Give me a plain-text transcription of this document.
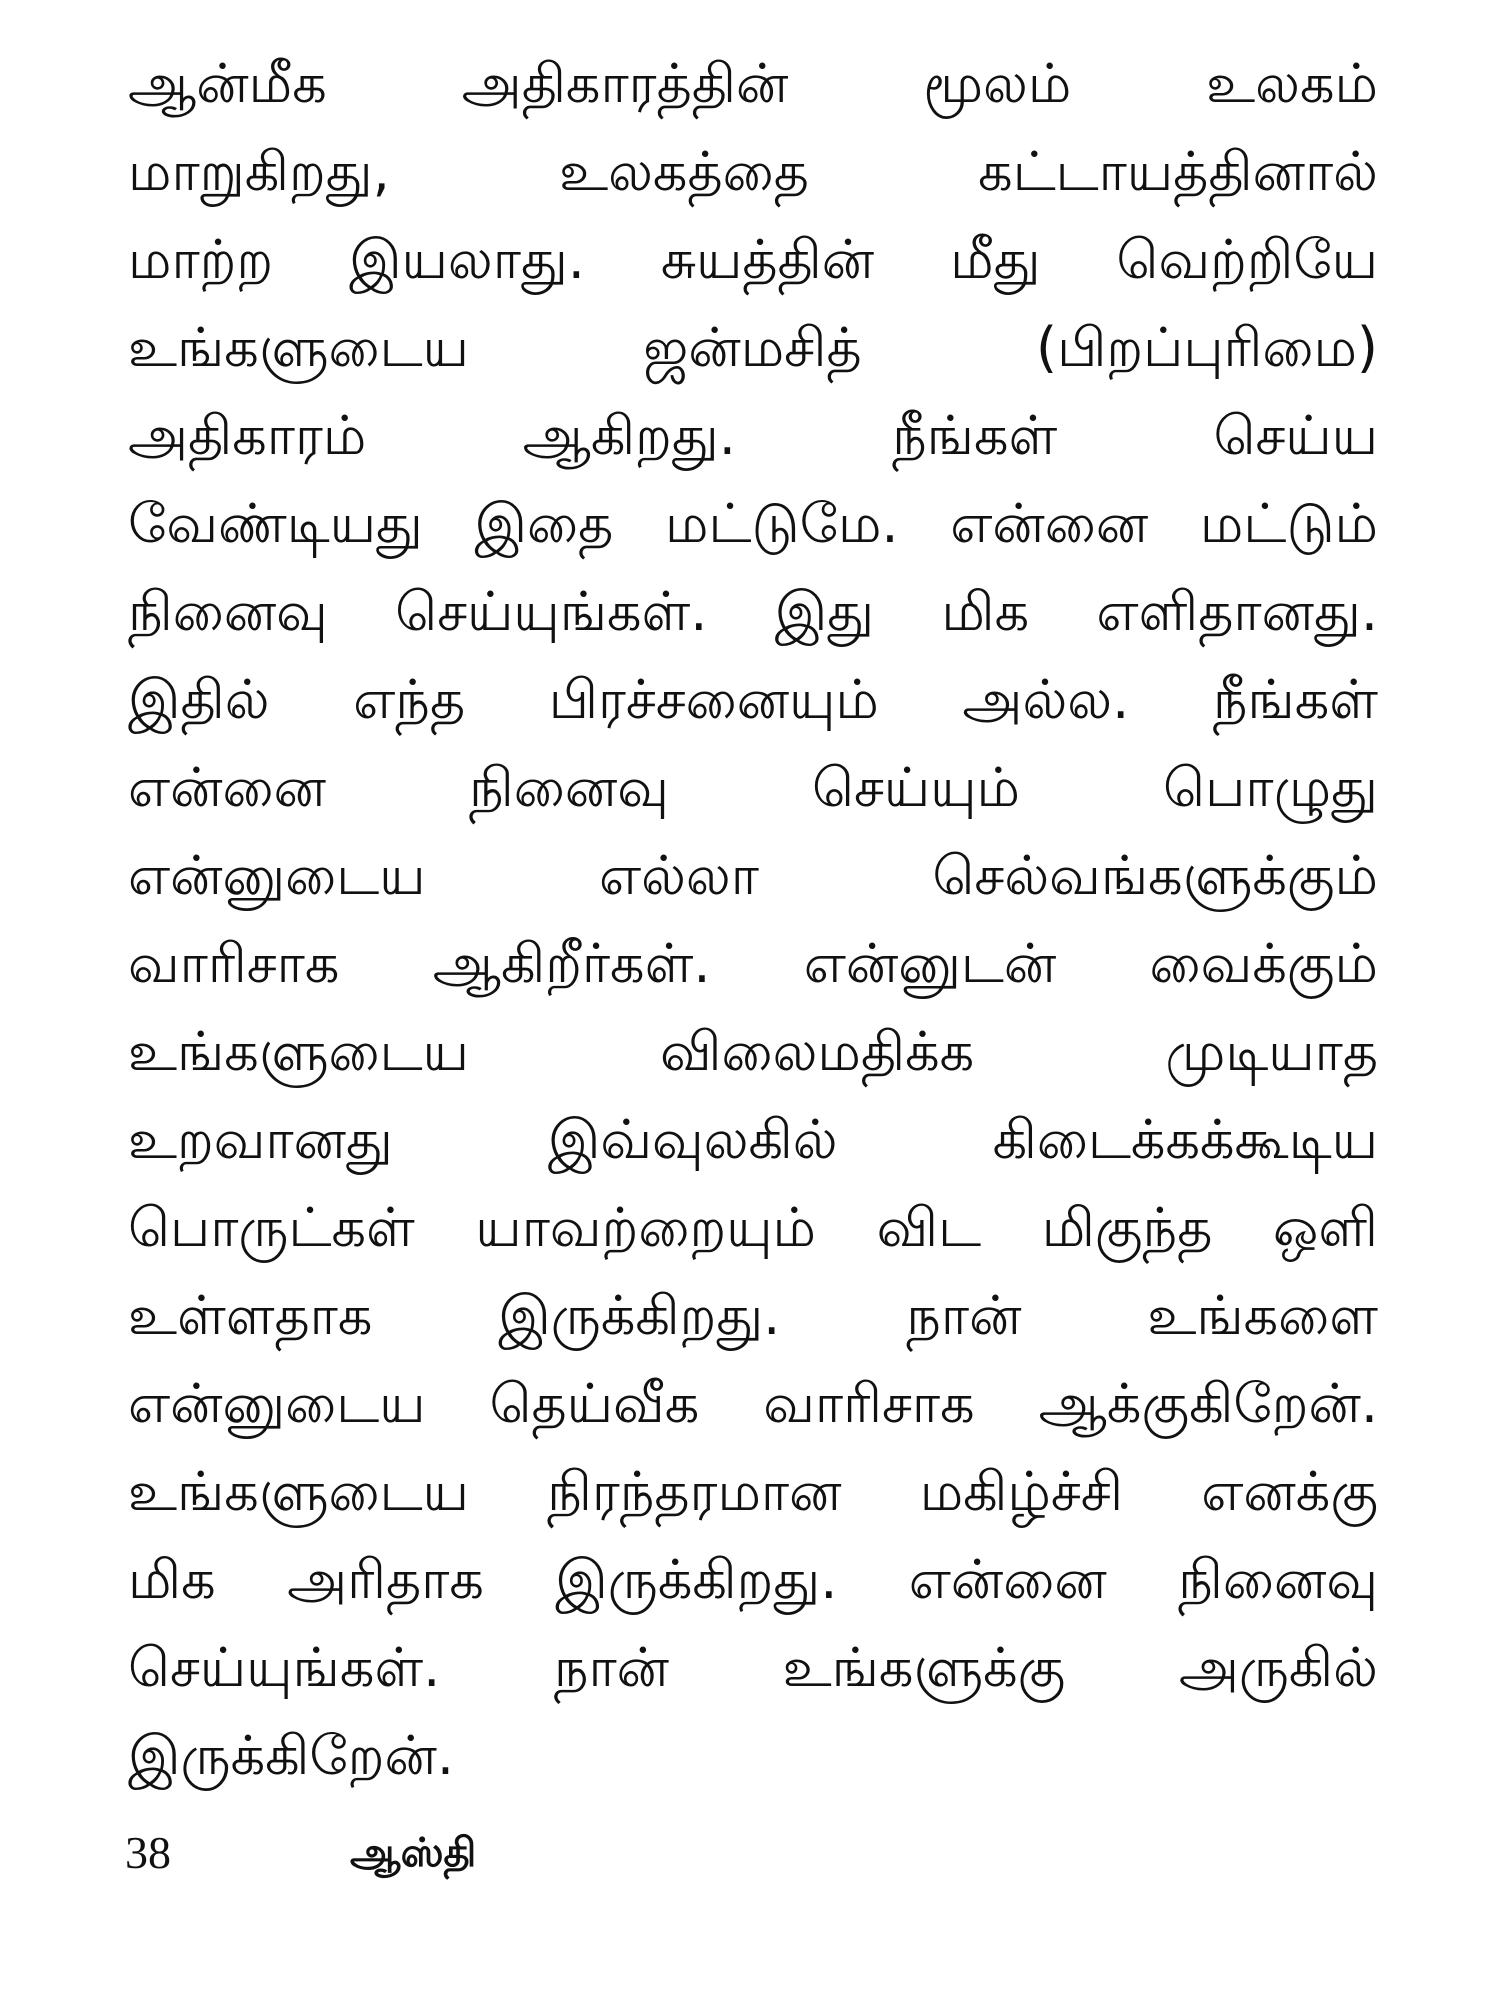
ஆன்மீக அதிகாரத்தின் மூலம் உலகம்
மாறுகிறது, உலகத்தை கட்டாயத்தினால்
மாற்ற இயலாது. சுயத்தின் மீது வெற்றியே
உங்களுடைய ஜன்மசித் (பிறப்புரிமை)
அதிகாரம் ஆகிறது. நீங்கள் செய்ய
வேண்டியது இதை மட்டுமே. என்னை மட்டும்
நினைவு செய்யுங்கள். இது மிக எளிதானது.
இதில் எந்த பிரச்சனையும் அல்ல. நீங்கள்
என்னை நினைவு செய்யும் பொழுது
என்னுடைய எல்லா செல்வங்களுக்கும்
வாரிசாக ஆகிறீர்கள். என்னுடன் வைக்கும்
உங்களுடைய விலைமதிக்க முடியாத
உறவானது இவ்வுலகில் கிடைக்கக்கூடிய
பொருட்கள் யாவற்றையும் விட மிகுந்த ஒளி
உள்ளதாக இருக்கிறது. நான் உங்களை
என்னுடைய தெய்வீக வாரிசாக ஆக்குகிறேன்.
உங்களுடைய நிரந்தரமான மகிழ்ச்சி எனக்கு
மிக அரிதாக இருக்கிறது. என்னை நினைவு
செய்யுங்கள். நான் உங்களுக்கு அருகில்
இருக்கிறேன்.
38	ஆஸ்தி
